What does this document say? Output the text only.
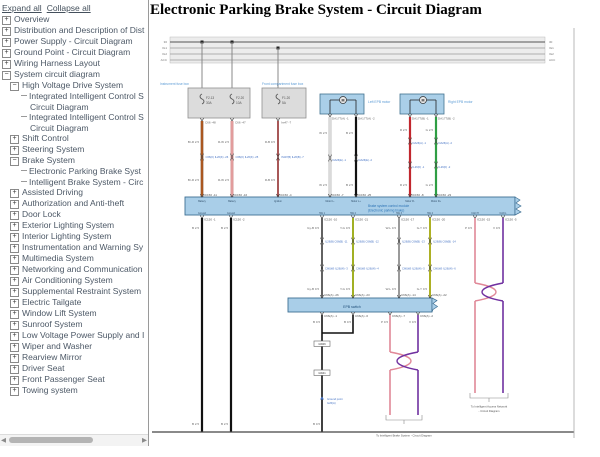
Expand all Collapse all
+ Overview
+ Distribution and Description of Dist
+ Power Supply - Circuit Diagram
+ Ground Point - Circuit Diagram
+ Wiring Harness Layout
− System circuit diagram
− High Voltage Drive System
Integrated Intelligent Control S
Circuit Diagram
Integrated Intelligent Control S
Circuit Diagram
+ Shift Control
+ Steering System
− Brake System
Electronic Parking Brake Syst
Intelligent Brake System - Circ
+ Assisted Driving
+ Authorization and Anti-theft
+ Door Lock
+ Exterior Lighting System
+ Interior Lighting System
+ Instrumentation and Warning Sy
+ Multimedia System
+ Networking and Communication
+ Air Conditioning System
+ Supplemental Restraint System
+ Electric Tailgate
+ Window Lift System
+ Sunroof System
+ Low Voltage Power Supply and I
+ Wiper and Washer
+ Rearview Mirror
+ Driver Seat
+ Front Passenger Seat
+ Towing system
◀	▶
Electronic Parking Brake System - Circuit Diagram
30
IG1
IG2
ACC
30
IG1
IG2
ACC
Instrument fuse box
F2.13
30A
F2.20
10A
Front compartment fuse box
F1.20
5A
C66 -48	C66 -47	Im47 -7
M	Left EPB motor	M	Right EPB motor
DA177(A) -1	DA177(A) -2	DA177(B) -1	DA177(B) -2
Br-R 2.5	R-W 2.5	R-B 0.5
C66(K) IL26(K) -26	C66(K) IL26(K) -25	IM47(B) IL26(B) -7
Br-R 2.5	R-W 2.5	R-B 0.5
W 2.5	B 2.5
R 2.5	G 2.5
DA26(A) -1	DA26(A) -2
DA26(E) -1	DA26(E) -2
IL26(F) -1	IL26(F) -2
W 2.5	B 2.5	R 2.5	G 2.5
IC150 -11	IC150 -16	IC150 -4	IC150 -7	IC150 -25	IC150 -8	IC150 -23
Battery	Battery	Ignition	Motor L-	Motor L+	Motor R-	Motor R+
Brake system control module
(Electronic parking brake)
Ground	Ground	SW 1	SW 2	SW 3	SW 4	CAN H	CAN L
IC150 -1	IC150 -2	IC150 -10	IC150 -21	IC150 -17	IC150 -20	IC150 -15	IC150 -5
B 2.5	B 2.5	Gy-B 0.5	Y-G 0.5	W-L 0.5	G-Y 0.5	P 0.5	V 0.5
IL26(B) C66(B) -11	IL26(B) C66(B) -12	IL26(B) C66(B) -13	IL26(B) C66(B) -14
C66(W) IL26(W) -3	C66(W) IL26(W) -4	C66(W) IL26(W) -5	C66(W) IL26(W) -6
Gy-B 0.5	Y-G 0.5	W-L 0.5	G-Y 0.5
To Intelligent Access Network
- Circuit Diagram
B 2.5	B 2.5
C66(A) -26	C66(A) -23	C66(A) -14	C66(A) -22
EPB switch
C66(A) -1	C66(A) -6	C66(A) -7	C66(A) -2
B 0.5	B 0.5	P 0.5	V 0.5
GW06
GW41
Ground point
G26(A)
B 0.5
To Intelligent Brake System - Circuit Diagram
